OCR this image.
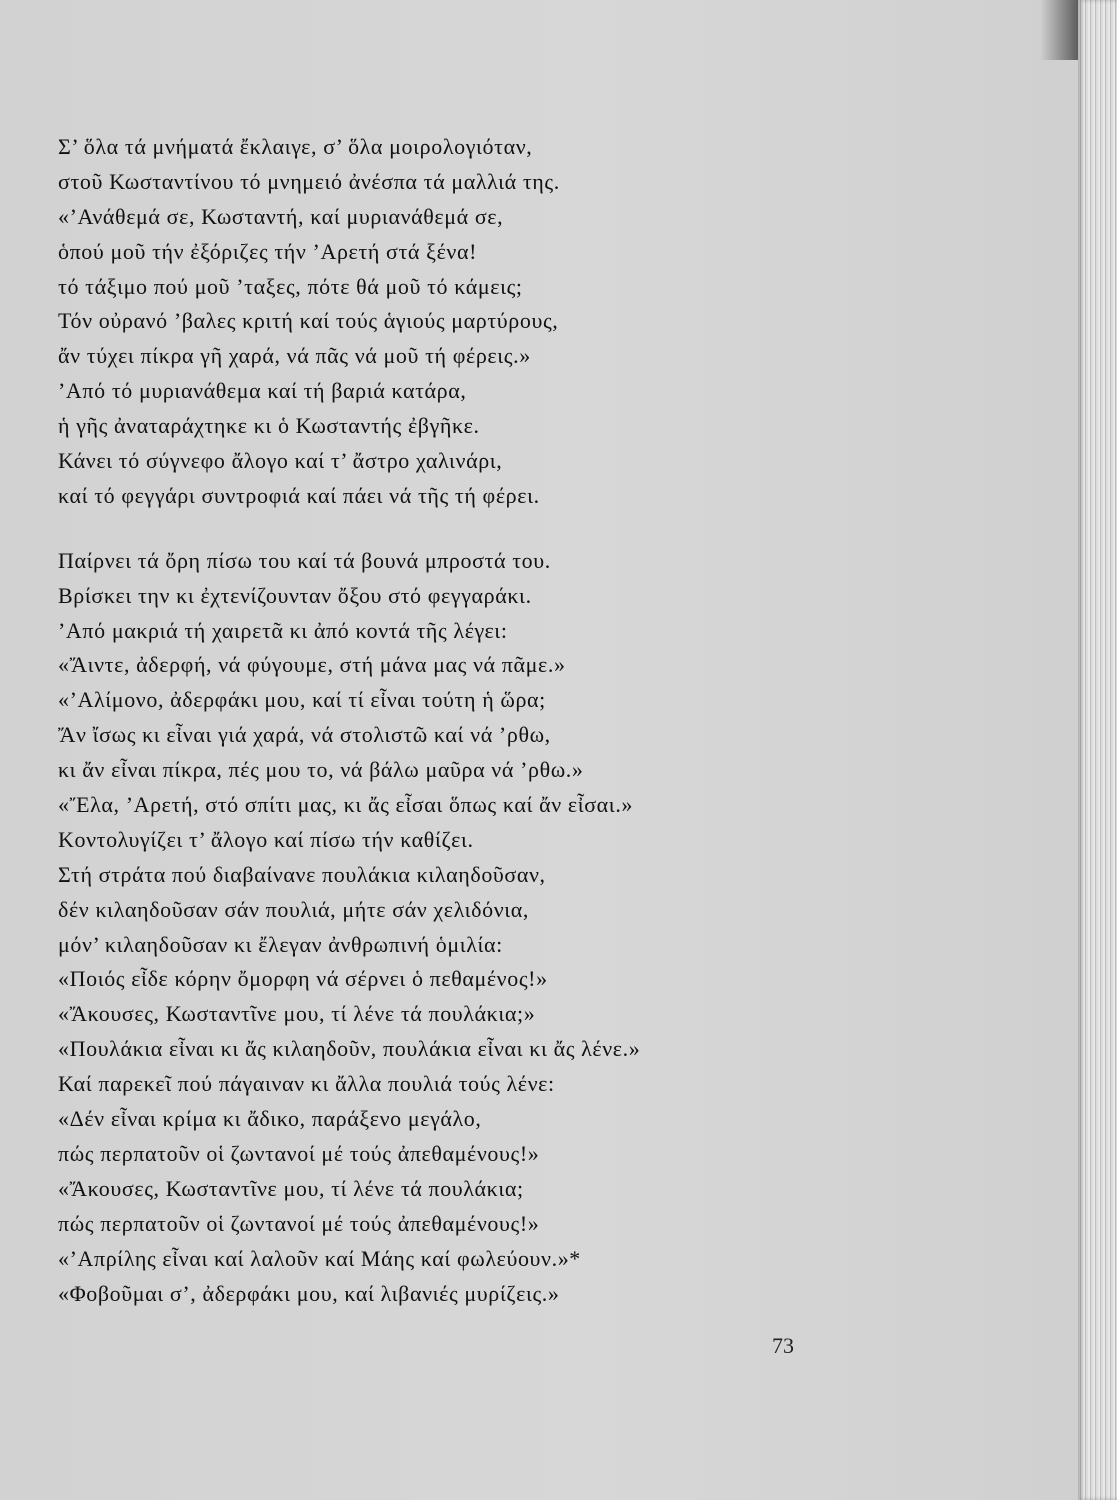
Σ’ ὅλα τά μνήματά ἔκλαιγε, σ’ ὅλα μοιρολογιόταν,
στοῦ Κωσταντίνου τό μνημειό ἀνέσπα τά μαλλιά της.
«’Ανάθεμά σε, Κωσταντή, καί μυριανάθεμά σε,
ὁπού μοῦ τήν ἐξόριζες τήν ’Αρετή στά ξένα!
τό τάξιμο πού μοῦ ’ταξες, πότε θά μοῦ τό κάμεις;
Τόν οὐρανό ’βαλες κριτή καί τούς ἁγιούς μαρτύρους,
ἄν τύχει πίκρα γῆ χαρά, νά πᾶς νά μοῦ τή φέρεις.»
’Από τό μυριανάθεμα καί τή βαριά κατάρα,
ἡ γῆς ἀναταράχτηκε κι ὁ Κωσταντής ἐβγῆκε.
Κάνει τό σύγνεφο ἄλογο καί τ’ ἄστρο χαλινάρι,
καί τό φεγγάρι συντροφιά καί πάει νά τῆς τή φέρει.
Παίρνει τά ὄρη πίσω του καί τά βουνά μπροστά του.
Βρίσκει την κι ἐχτενίζουνταν ὄξου στό φεγγαράκι.
’Από μακριά τή χαιρετᾶ κι ἀπό κοντά τῆς λέγει:
«Ἄιντε, ἀδερφή, νά φύγουμε, στή μάνα μας νά πᾶμε.»
«’Αλίμονο, ἀδερφάκι μου, καί τί εἶναι τούτη ἡ ὥρα;
Ἄν ἴσως κι εἶναι γιά χαρά, νά στολιστῶ καί νά ’ρθω,
κι ἄν εἶναι πίκρα, πές μου το, νά βάλω μαῦρα νά ’ρθω.»
«Ἔλα, ’Αρετή, στό σπίτι μας, κι ἄς εἶσαι ὅπως καί ἄν εἶσαι.»
Κοντολυγίζει τ’ ἄλογο καί πίσω τήν καθίζει.
Στή στράτα πού διαβαίνανε πουλάκια κιλαηδοῦσαν,
δέν κιλαηδοῦσαν σάν πουλιά, μήτε σάν χελιδόνια,
μόν’ κιλαηδοῦσαν κι ἔλεγαν ἀνθρωπινή ὁμιλία:
«Ποιός εἶδε κόρην ὄμορφη νά σέρνει ὁ πεθαμένος!»
«Ἄκουσες, Κωσταντῖνε μου, τί λένε τά πουλάκια;»
«Πουλάκια εἶναι κι ἄς κιλαηδοῦν, πουλάκια εἶναι κι ἄς λένε.»
Καί παρεκεῖ πού πάγαιναν κι ἄλλα πουλιά τούς λένε:
«Δέν εἶναι κρίμα κι ἄδικο, παράξενο μεγάλο,
πώς περπατοῦν οἱ ζωντανοί μέ τούς ἀπεθαμένους!»
«Ἄκουσες, Κωσταντῖνε μου, τί λένε τά πουλάκια;
πώς περπατοῦν οἱ ζωντανοί μέ τούς ἀπεθαμένους!»
«’Απρίλης εἶναι καί λαλοῦν καί Μάης καί φωλεύουν.»*
«Φοβοῦμαι σ’, ἀδερφάκι μου, καί λιβανιές μυρίζεις.»
73
